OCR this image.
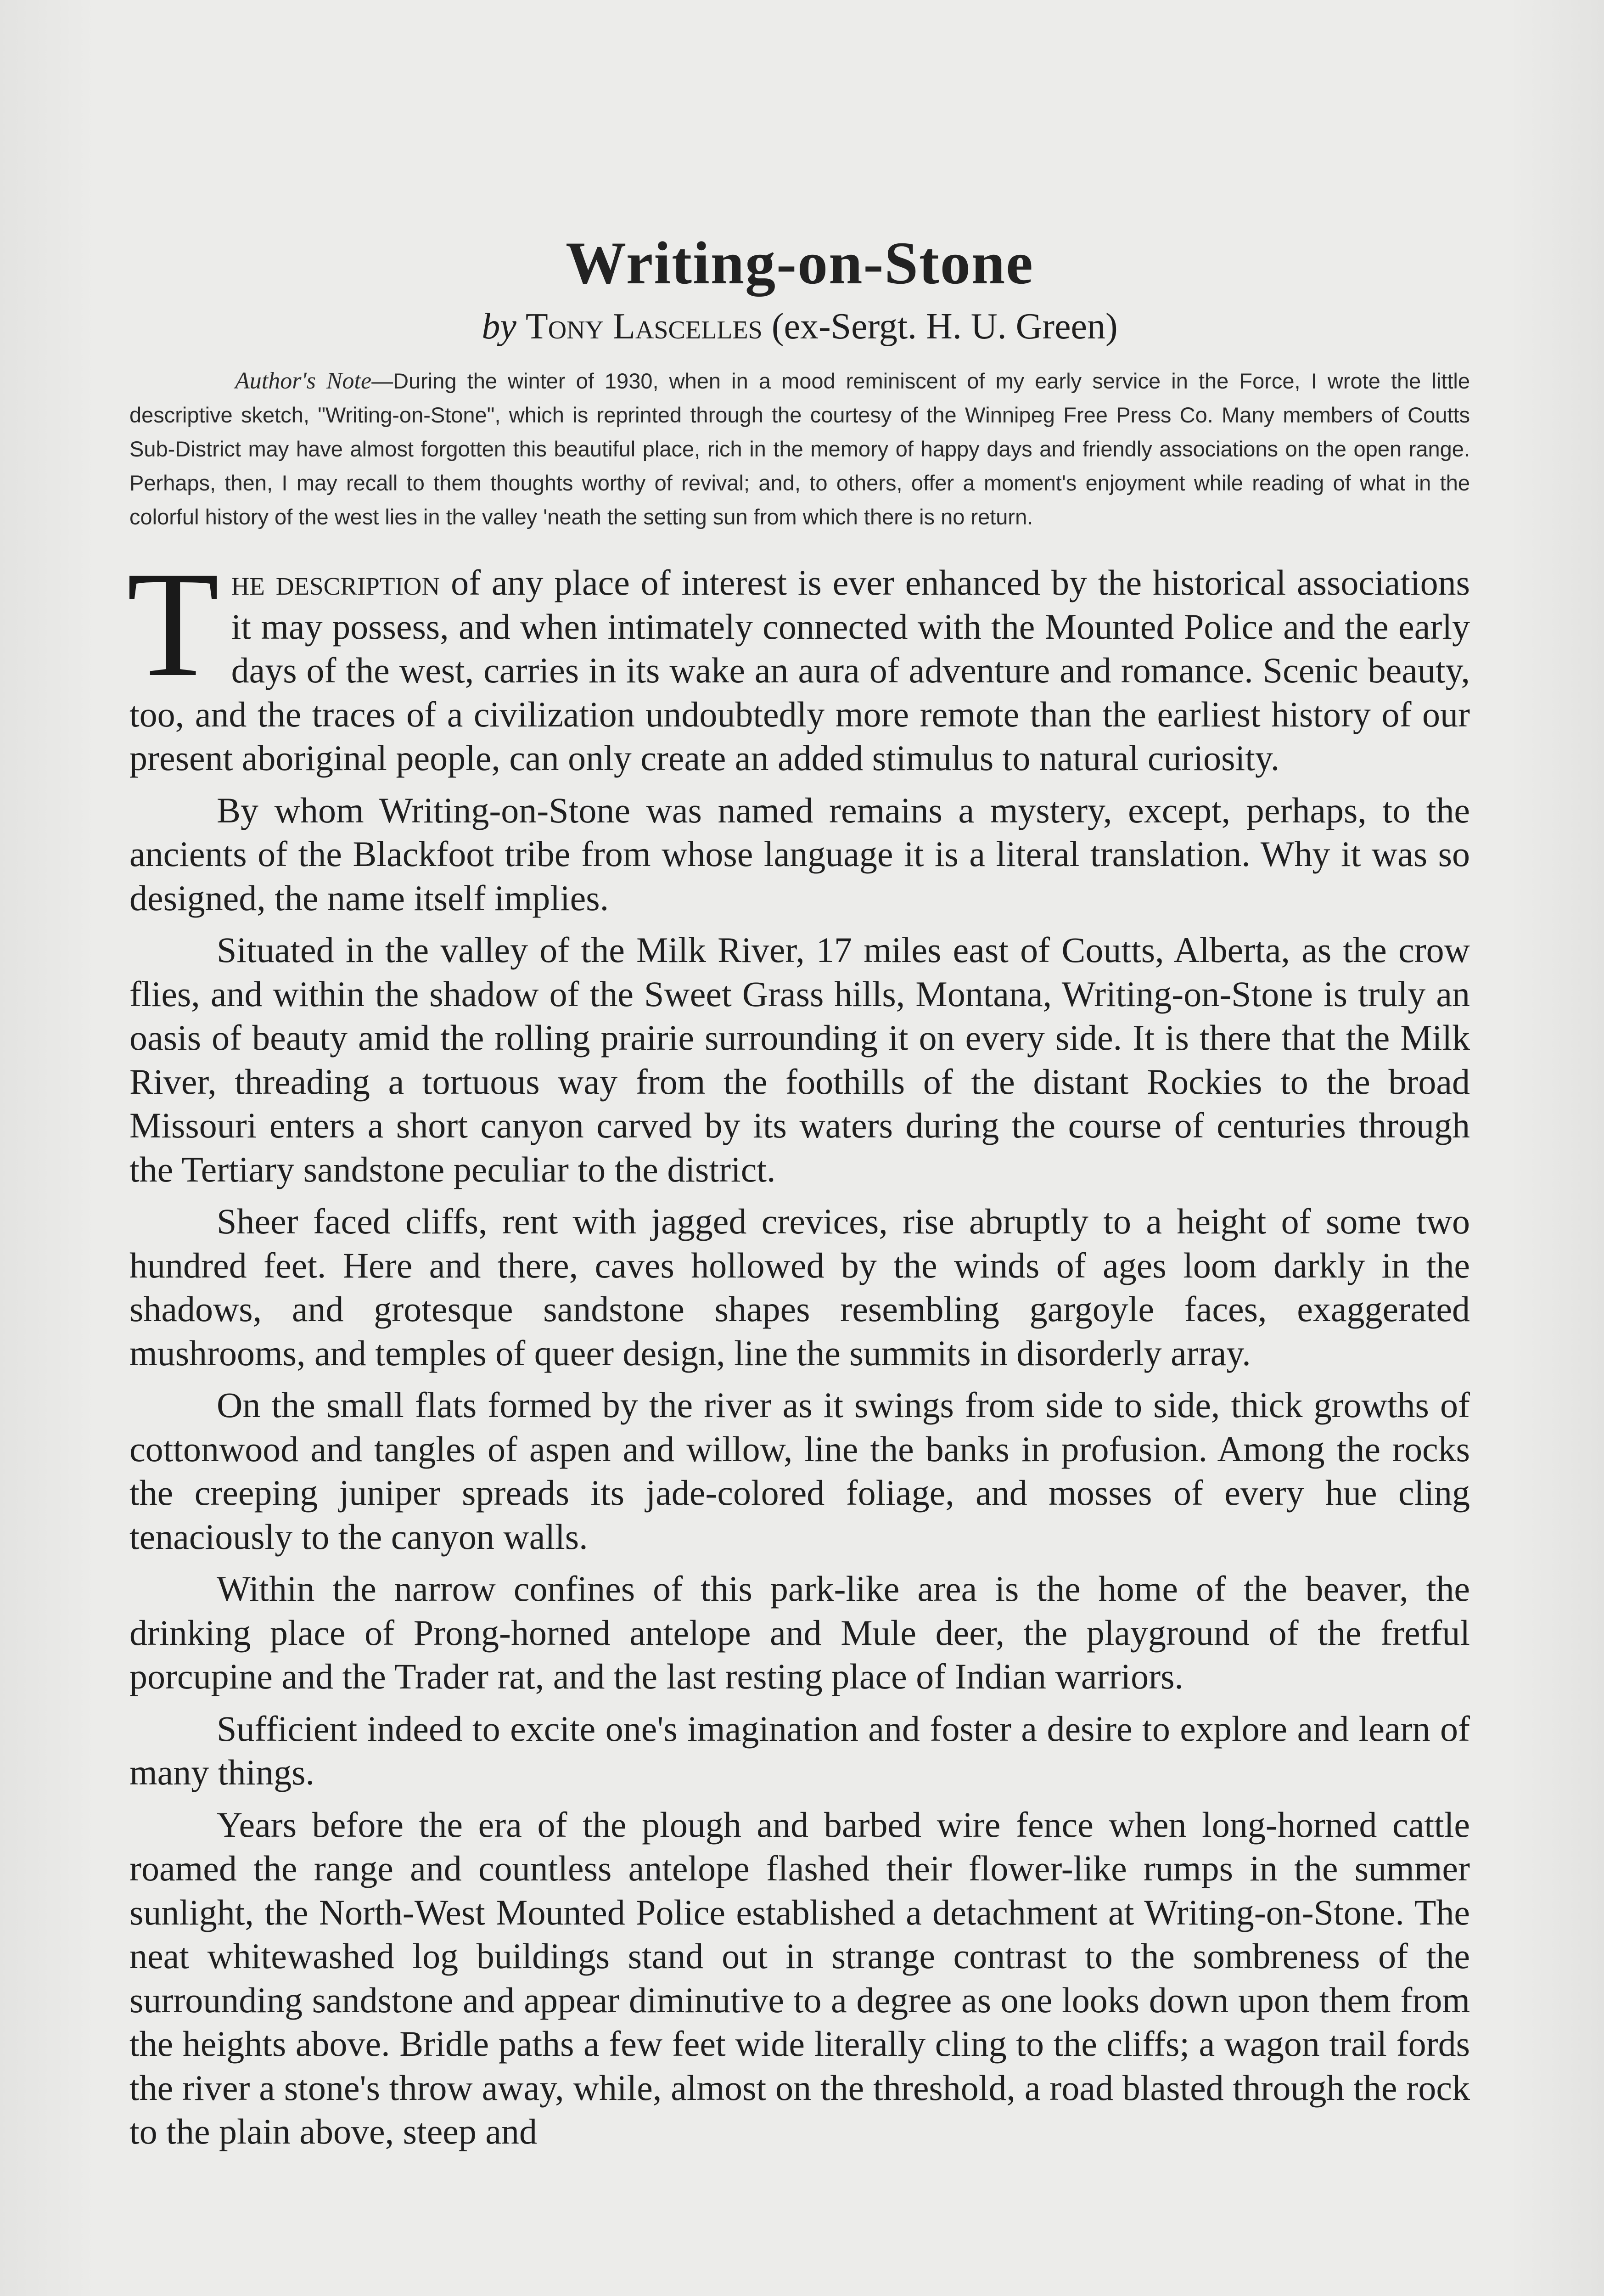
Writing-on-Stone
by Tony Lascelles (ex-Sergt. H. U. Green)

Author's Note—During the winter of 1930, when in a mood reminiscent of my early service in the Force, I wrote the little descriptive sketch, "Writing-on-Stone", which is reprinted through the courtesy of the Winnipeg Free Press Co. Many members of Coutts Sub-District may have almost forgotten this beautiful place, rich in the memory of happy days and friendly associations on the open range. Perhaps, then, I may recall to them thoughts worthy of revival; and, to others, offer a moment's enjoyment while reading of what in the colorful history of the west lies in the valley 'neath the setting sun from which there is no return.

The description of any place of interest is ever enhanced by the historical associations it may possess, and when intimately connected with the Mounted Police and the early days of the west, carries in its wake an aura of adventure and romance. Scenic beauty, too, and the traces of a civilization undoubtedly more remote than the earliest history of our present aboriginal people, can only create an added stimulus to natural curiosity.

By whom Writing-on-Stone was named remains a mystery, except, perhaps, to the ancients of the Blackfoot tribe from whose language it is a literal translation. Why it was so designed, the name itself implies.

Situated in the valley of the Milk River, 17 miles east of Coutts, Alberta, as the crow flies, and within the shadow of the Sweet Grass hills, Montana, Writing-on-Stone is truly an oasis of beauty amid the rolling prairie surrounding it on every side. It is there that the Milk River, threading a tortuous way from the foothills of the distant Rockies to the broad Missouri enters a short canyon carved by its waters during the course of centuries through the Tertiary sandstone peculiar to the district.

Sheer faced cliffs, rent with jagged crevices, rise abruptly to a height of some two hundred feet. Here and there, caves hollowed by the winds of ages loom darkly in the shadows, and grotesque sandstone shapes resembling gargoyle faces, exaggerated mushrooms, and temples of queer design, line the summits in disorderly array.

On the small flats formed by the river as it swings from side to side, thick growths of cottonwood and tangles of aspen and willow, line the banks in profusion. Among the rocks the creeping juniper spreads its jade-colored foliage, and mosses of every hue cling tenaciously to the canyon walls.

Within the narrow confines of this park-like area is the home of the beaver, the drinking place of Prong-horned antelope and Mule deer, the playground of the fretful porcupine and the Trader rat, and the last resting place of Indian warriors.

Sufficient indeed to excite one's imagination and foster a desire to explore and learn of many things.

Years before the era of the plough and barbed wire fence when long-horned cattle roamed the range and countless antelope flashed their flower-like rumps in the summer sunlight, the North-West Mounted Police established a detachment at Writing-on-Stone. The neat whitewashed log buildings stand out in strange contrast to the sombreness of the surrounding sandstone and appear diminutive to a degree as one looks down upon them from the heights above. Bridle paths a few feet wide literally cling to the cliffs; a wagon trail fords the river a stone's throw away, while, almost on the threshold, a road blasted through the rock to the plain above, steep and
